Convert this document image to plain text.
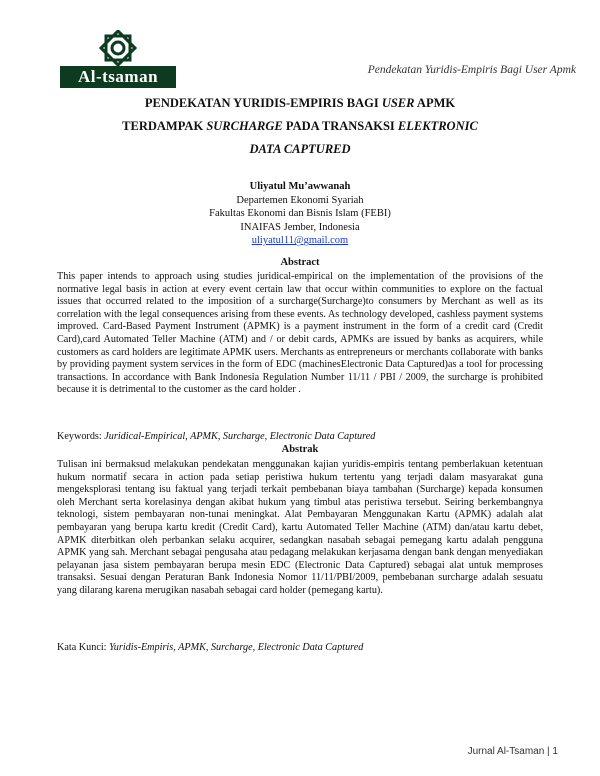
Al-tsaman	Pendekatan Yuridis-Empiris Bagi User Apmk
PENDEKATAN YURIDIS-EMPIRIS BAGI USER APMK
TERDAMPAK SURCHARGE PADA TRANSAKSI ELEKTRONIC
DATA CAPTURED
Uliyatul Mu’awwanah
Departemen Ekonomi Syariah
Fakultas Ekonomi dan Bisnis Islam (FEBI)
INAIFAS Jember, Indonesia
uliyatul11@gmail.com
Abstract

This paper intends to approach using studies juridical-empirical on the implementation of the provisions of the normative legal basis in action at every event certain law that occur within communities to explore on the factual issues that occurred related to the imposition of a surcharge(Surcharge)to consumers by Merchant as well as its correlation with the legal consequences arising from these events. As technology developed, cashless payment systems improved. Card-Based Payment Instrument (APMK) is a payment instrument in the form of a credit card (Credit Card),card Automated Teller Machine (ATM) and / or debit cards, APMKs are issued by banks as acquirers, while customers as card holders are legitimate APMK users. Merchants as entrepreneurs or merchants collaborate with banks by providing payment system services in the form of EDC (machinesElectronic Data Captured)as a tool for processing transactions. In accordance with Bank Indonesia Regulation Number 11/11 / PBI / 2009, the surcharge is prohibited because it is detrimental to the customer as the card holder .

Keywords: Juridical-Empirical, APMK, Surcharge, Electronic Data Captured
Abstrak

Tulisan ini bermaksud melakukan pendekatan menggunakan kajian yuridis-empiris tentang pemberlakuan ketentuan hukum normatif secara in action pada setiap peristiwa hukum tertentu yang terjadi dalam masyarakat guna mengeksplorasi tentang isu faktual yang terjadi terkait pembebanan biaya tambahan (Surcharge) kepada konsumen oleh Merchant serta korelasinya dengan akibat hukum yang timbul atas peristiwa tersebut. Seiring berkembangnya teknologi, sistem pembayaran non-tunai meningkat. Alat Pembayaran Menggunakan Kartu (APMK) adalah alat pembayaran yang berupa kartu kredit (Credit Card), kartu Automated Teller Machine (ATM) dan/atau kartu debet, APMK diterbitkan oleh perbankan selaku acquirer, sedangkan nasabah sebagai pemegang kartu adalah pengguna APMK yang sah. Merchant sebagai pengusaha atau pedagang melakukan kerjasama dengan bank dengan menyediakan pelayanan jasa sistem pembayaran berupa mesin EDC (Electronic Data Captured) sebagai alat untuk memproses transaksi. Sesuai dengan Peraturan Bank Indonesia Nomor 11/11/PBI/2009, pembebanan surcharge adalah sesuatu yang dilarang karena merugikan nasabah sebagai card holder (pemegang kartu).

Kata Kunci: Yuridis-Empiris, APMK, Surcharge, Electronic Data Captured
Jurnal Al-Tsaman | 1
